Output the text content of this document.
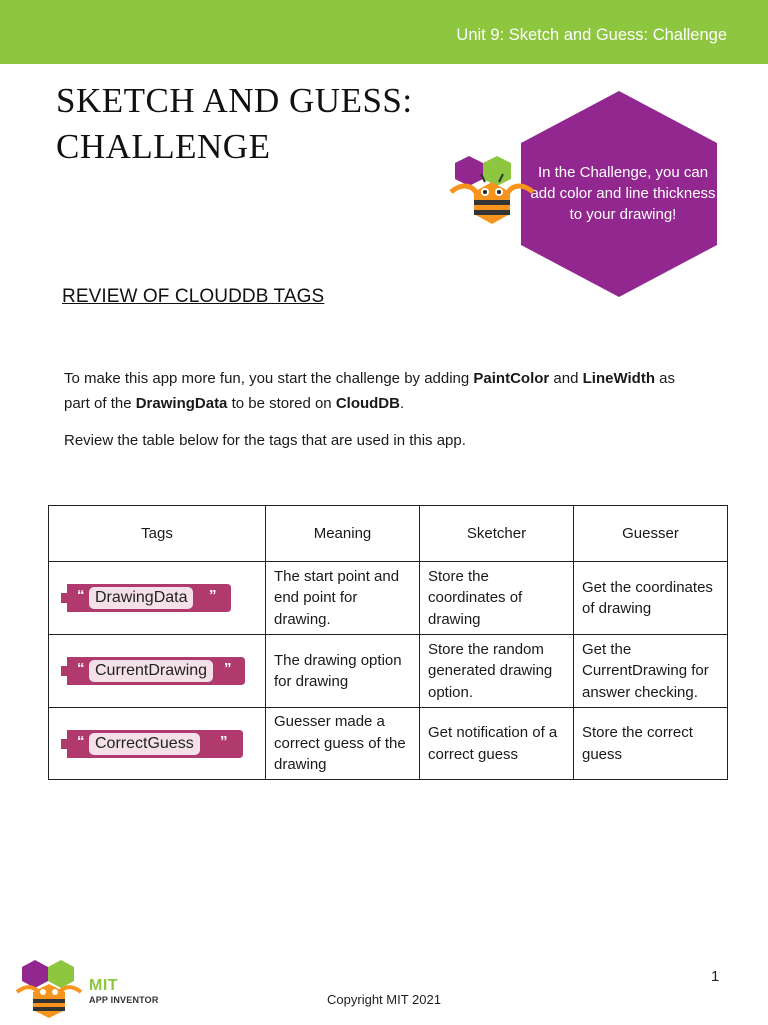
Unit 9: Sketch and Guess: Challenge
SKETCH AND GUESS:
CHALLENGE
In the Challenge, you can add color and line thickness to your drawing!
REVIEW OF CLOUDDB TAGS
To make this app more fun, you start the challenge by adding PaintColor and LineWidth as part of the DrawingData to be stored on CloudDB.
Review the table below for the tags that are used in this app.
Tags	Meaning	Sketcher	Guesser

“ DrawingData ”	The start point and end point for drawing.	Store the coordinates of drawing	Get the coordinates of drawing

“ CurrentDrawing ”	The drawing option for drawing	Store the random generated drawing option.	Get the CurrentDrawing for answer checking.

“ CorrectGuess ”	Guesser made a correct guess of the drawing	Get notification of a correct guess	Store the correct guess
MIT
APP INVENTOR	Copyright MIT 2021
1
